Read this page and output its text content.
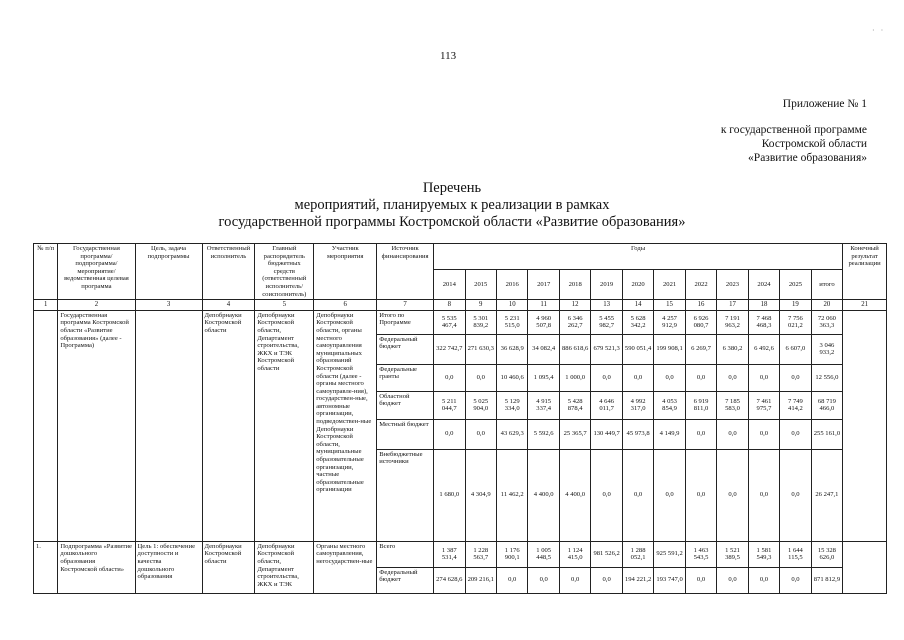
113
· ·
Приложение № 1
к государственной программе
Костромской области
«Развитие образования»
Перечень
мероприятий, планируемых к реализации в рамках
государственной программы Костромской области «Развитие образования»
№ п/п	Государственная программа/ подпрограмма/ мероприятие/ ведомственная целевая программа	Цель, задача подпрограммы	Ответственный исполнитель	Главный распорядитель бюджетных средств (ответственный исполнитель/ соисполнитель)	Участник мероприятия	Источник финансирования	Годы													Конечный результат реализации
							2014	2015	2016	2017	2018	2019	2020	2021	2022	2023	2024	2025	итого	
1	2	3	4	5	6	7	8	9	10	11	12	13	14	15	16	17	18	19	20	21
	Государственная программа Костромской области «Развитие образования» (далее - Программа)		Депобрнауки Костромской области	Депобрнауки Костромской области, Департамент строительства, ЖКХ и ТЭК Костромской области	Депобрнауки Костромской области, органы местного самоуправления муниципальных образований Костромской области (далее - органы местного самоуправле-ния), государствен-ные, автономные организации, подведомствен-ные Депобрнауки Костромской области, муниципальные образовательные организации, частные образовательные организации	Итого по Программе	5 535 467,4	5 301 839,2	5 231 515,0	4 960 507,8	6 346 262,7	5 455 982,7	5 628 342,2	4 257 912,9	6 926 080,7	7 191 963,2	7 468 468,3	7 756 021,2	72 060 363,3	
						Федеральный бюджет	322 742,7	271 630,3	36 628,9	34 082,4	886 618,6	679 521,3	590 051,4	199 908,1	6 269,7	6 380,2	6 492,6	6 607,0	3 046 933,2	
						Федеральные гранты	0,0	0,0	10 460,6	1 095,4	1 000,0	0,0	0,0	0,0	0,0	0,0	0,0	0,0	12 556,0	
						Областной бюджет	5 211 044,7	5 025 904,0	5 129 334,0	4 915 337,4	5 428 878,4	4 646 011,7	4 992 317,0	4 053 854,9	6 919 811,0	7 185 583,0	7 461 975,7	7 749 414,2	68 719 466,0	
						Местный бюджет	0,0	0,0	43 629,3	5 592,6	25 365,7	130 449,7	45 973,8	4 149,9	0,0	0,0	0,0	0,0	255 161,0	
						Внебюджетные источники	1 680,0	4 304,9	11 462,2	4 400,0	4 400,0	0,0	0,0	0,0	0,0	0,0	0,0	0,0	26 247,1	
1.	Подпрограмма «Развитие дошкольного образования Костромской области»	Цель 1: обеспечение доступности и качества дошкольного образования	Депобрнауки Костромской области	Депобрнауки Костромской области, Департамент строительства, ЖКХ и ТЭК	Органы местного самоуправления, негосударствен-ные	Всего	1 387 531,4	1 228 563,7	1 176 900,1	1 005 448,5	1 124 415,0	981 526,2	1 288 052,1	925 591,2	1 463 543,5	1 521 389,5	1 581 549,3	1 644 115,5	15 328 626,0	
						Федеральный бюджет	274 628,6	209 216,1	0,0	0,0	0,0	0,0	194 221,2	193 747,0	0,0	0,0	0,0	0,0	871 812,9	
